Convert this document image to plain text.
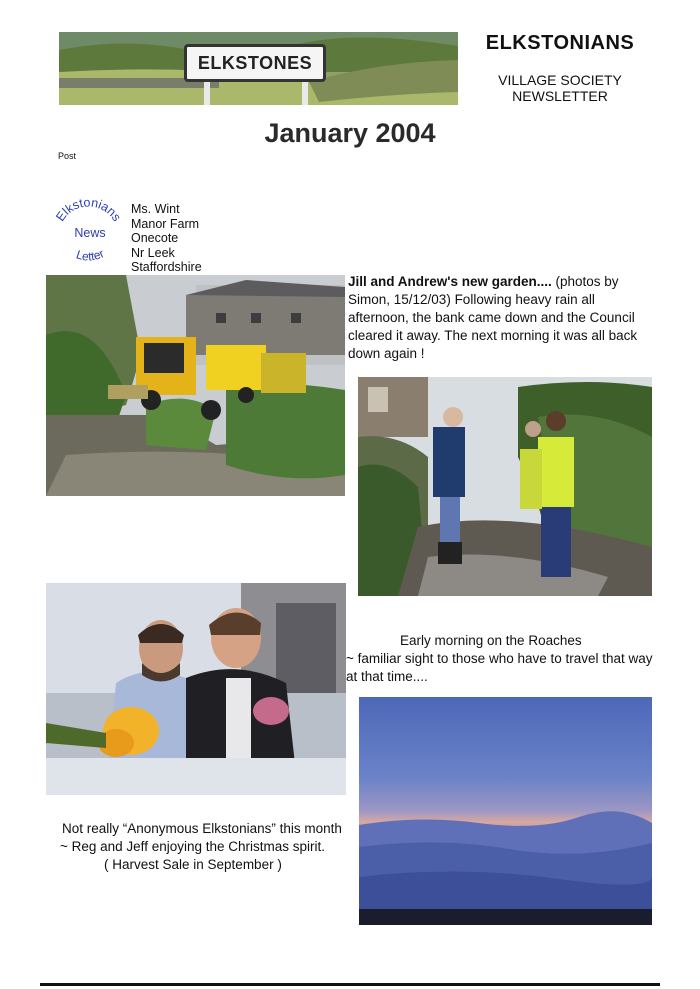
ELKSTONES
ELKSTONIANS
VILLAGE SOCIETY
NEWSLETTER
January 2004
Post
Elkstonians
News
Letter
Ms. Wint
Manor Farm
Onecote
Nr Leek
Staffordshire
Jill and Andrew's new garden.... (photos by Simon, 15/12/03) Following heavy rain all afternoon, the bank came down and the Council cleared it away. The next morning it was all back down again !
Early morning on the Roaches
~ familiar sight to those who have to travel that way at that time....
Not really “Anonymous Elkstonians” this month
~ Reg and Jeff enjoying the Christmas spirit.
( Harvest Sale in September )
